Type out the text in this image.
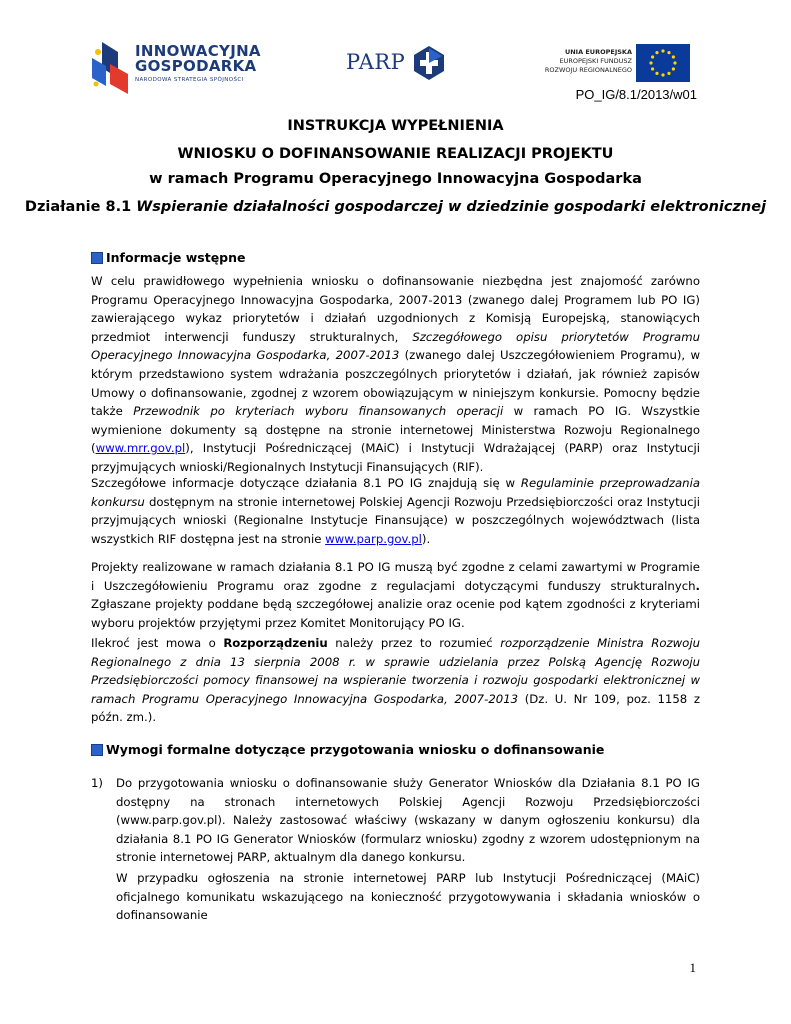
INNOWACYJNA
GOSPODARKA
NARODOWA STRATEGIA SPÓJNOŚCI
PARP	UNIA EUROPEJSKA
EUROPEJSKI FUNDUSZ
ROZWOJU REGIONALNEGO
PO_IG/8.1/2013/w01
INSTRUKCJA WYPEŁNIENIA
WNIOSKU O DOFINANSOWANIE REALIZACJI PROJEKTU
w ramach Programu Operacyjnego Innowacyjna Gospodarka
Działanie 8.1 Wspieranie działalności gospodarczej w dziedzinie gospodarki elektronicznej
Informacje wstępne
W celu prawidłowego wypełnienia wniosku o dofinansowanie niezbędna jest znajomość zarówno Programu Operacyjnego Innowacyjna Gospodarka, 2007-2013 (zwanego dalej Programem lub PO IG) zawierającego wykaz priorytetów i działań uzgodnionych z Komisją Europejską, stanowiących przedmiot interwencji funduszy strukturalnych, Szczegółowego opisu priorytetów Programu Operacyjnego Innowacyjna Gospodarka, 2007-2013 (zwanego dalej Uszczegółowieniem Programu), w którym przedstawiono system wdrażania poszczególnych priorytetów i działań, jak również zapisów Umowy o dofinansowanie, zgodnej z wzorem obowiązującym w niniejszym konkursie. Pomocny będzie także Przewodnik po kryteriach wyboru finansowanych operacji w ramach PO IG. Wszystkie wymienione dokumenty są dostępne na stronie internetowej Ministerstwa Rozwoju Regionalnego (www.mrr.gov.pl), Instytucji Pośredniczącej (MAiC) i Instytucji Wdrażającej (PARP) oraz Instytucji przyjmujących wnioski/Regionalnych Instytucji Finansujących (RIF).
Szczegółowe informacje dotyczące działania 8.1 PO IG znajdują się w Regulaminie przeprowadzania konkursu dostępnym na stronie internetowej Polskiej Agencji Rozwoju Przedsiębiorczości oraz Instytucji przyjmujących wnioski (Regionalne Instytucje Finansujące) w poszczególnych województwach (lista wszystkich RIF dostępna jest na stronie www.parp.gov.pl).
Projekty realizowane w ramach działania 8.1 PO IG muszą być zgodne z celami zawartymi w Programie i Uszczegółowieniu Programu oraz zgodne z regulacjami dotyczącymi funduszy strukturalnych. Zgłaszane projekty poddane będą szczegółowej analizie oraz ocenie pod kątem zgodności z kryteriami wyboru projektów przyjętymi przez Komitet Monitorujący PO IG.
Ilekroć jest mowa o Rozporządzeniu należy przez to rozumieć rozporządzenie Ministra Rozwoju Regionalnego z dnia 13 sierpnia 2008 r. w sprawie udzielania przez Polską Agencję Rozwoju Przedsiębiorczości pomocy finansowej na wspieranie tworzenia i rozwoju gospodarki elektronicznej w ramach Programu Operacyjnego Innowacyjna Gospodarka, 2007-2013 (Dz. U. Nr 109, poz. 1158 z późn. zm.).
Wymogi formalne dotyczące przygotowania wniosku o dofinansowanie
1)	Do przygotowania wniosku o dofinansowanie służy Generator Wniosków dla Działania 8.1 PO IG dostępny na stronach internetowych Polskiej Agencji Rozwoju Przedsiębiorczości (www.parp.gov.pl). Należy zastosować właściwy (wskazany w danym ogłoszeniu konkursu) dla działania 8.1 PO IG Generator Wniosków (formularz wniosku) zgodny z wzorem udostępnionym na stronie internetowej PARP, aktualnym dla danego konkursu.
W przypadku ogłoszenia na stronie internetowej PARP lub Instytucji Pośredniczącej (MAiC) oficjalnego komunikatu wskazującego na konieczność przygotowywania i składania wniosków o dofinansowanie
1
